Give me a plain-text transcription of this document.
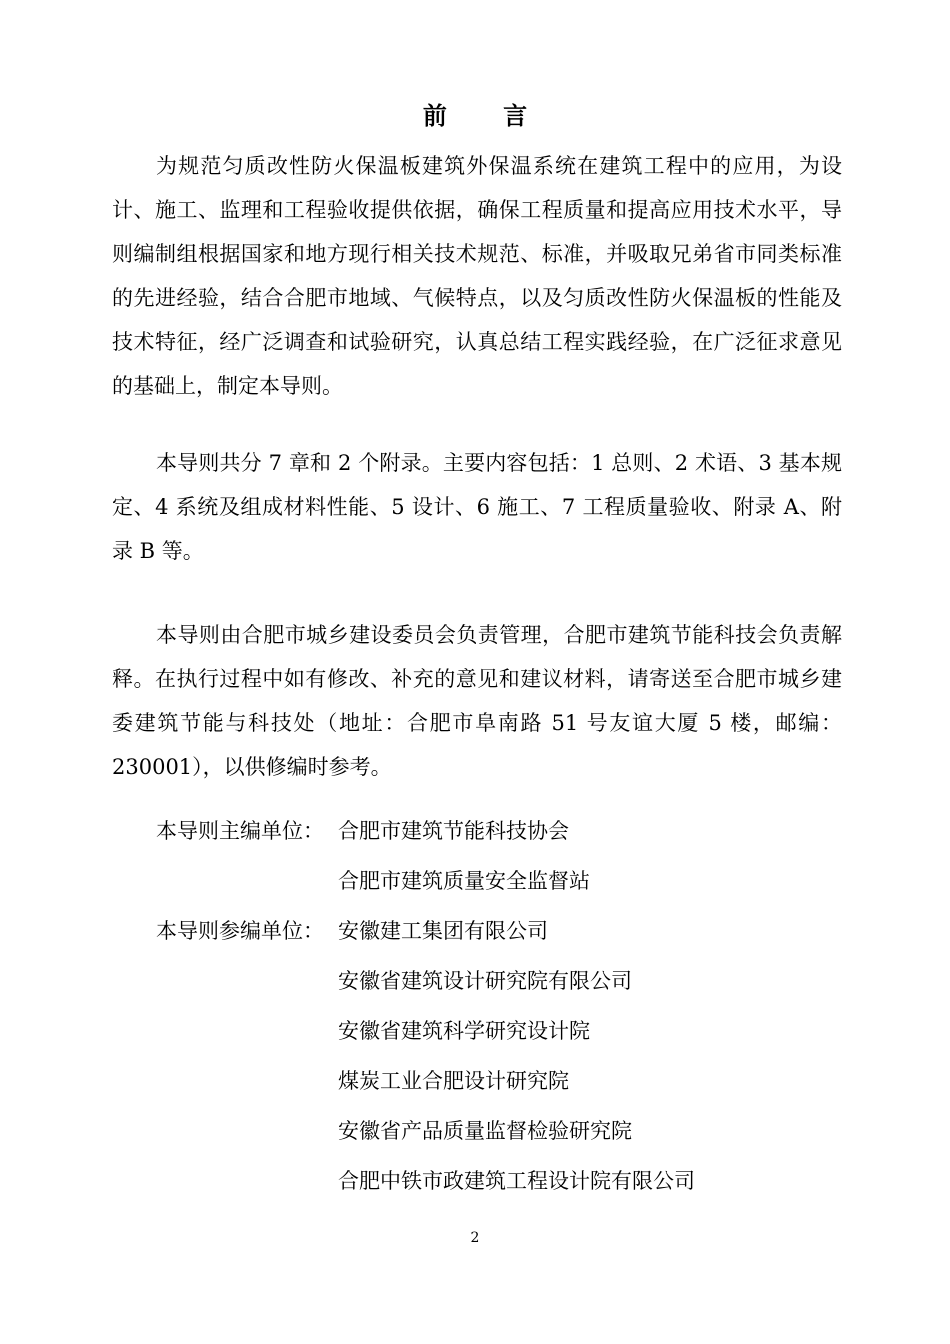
前 言

为规范匀质改性防火保温板建筑外保温系统在建筑工程中的应用，为设计、施工、监理和工程验收提供依据，确保工程质量和提高应用技术水平，导则编制组根据国家和地方现行相关技术规范、标准，并吸取兄弟省市同类标准的先进经验，结合合肥市地域、气候特点，以及匀质改性防火保温板的性能及技术特征，经广泛调查和试验研究，认真总结工程实践经验，在广泛征求意见的基础上，制定本导则。

本导则共分 7 章和 2 个附录。主要内容包括：1 总则、2 术语、3 基本规定、4 系统及组成材料性能、5 设计、6 施工、7 工程质量验收、附录 A、附录 B 等。

本导则由合肥市城乡建设委员会负责管理，合肥市建筑节能科技会负责解释。在执行过程中如有修改、补充的意见和建议材料，请寄送至合肥市城乡建委建筑节能与科技处（地址：合肥市阜南路 51 号友谊大厦 5 楼，邮编：230001），以供修编时参考。

本导则主编单位： 合肥市建筑节能科技协会
合肥市建筑质量安全监督站
本导则参编单位： 安徽建工集团有限公司
安徽省建筑设计研究院有限公司
安徽省建筑科学研究设计院
煤炭工业合肥设计研究院
安徽省产品质量监督检验研究院
合肥中铁市政建筑工程设计院有限公司
2
